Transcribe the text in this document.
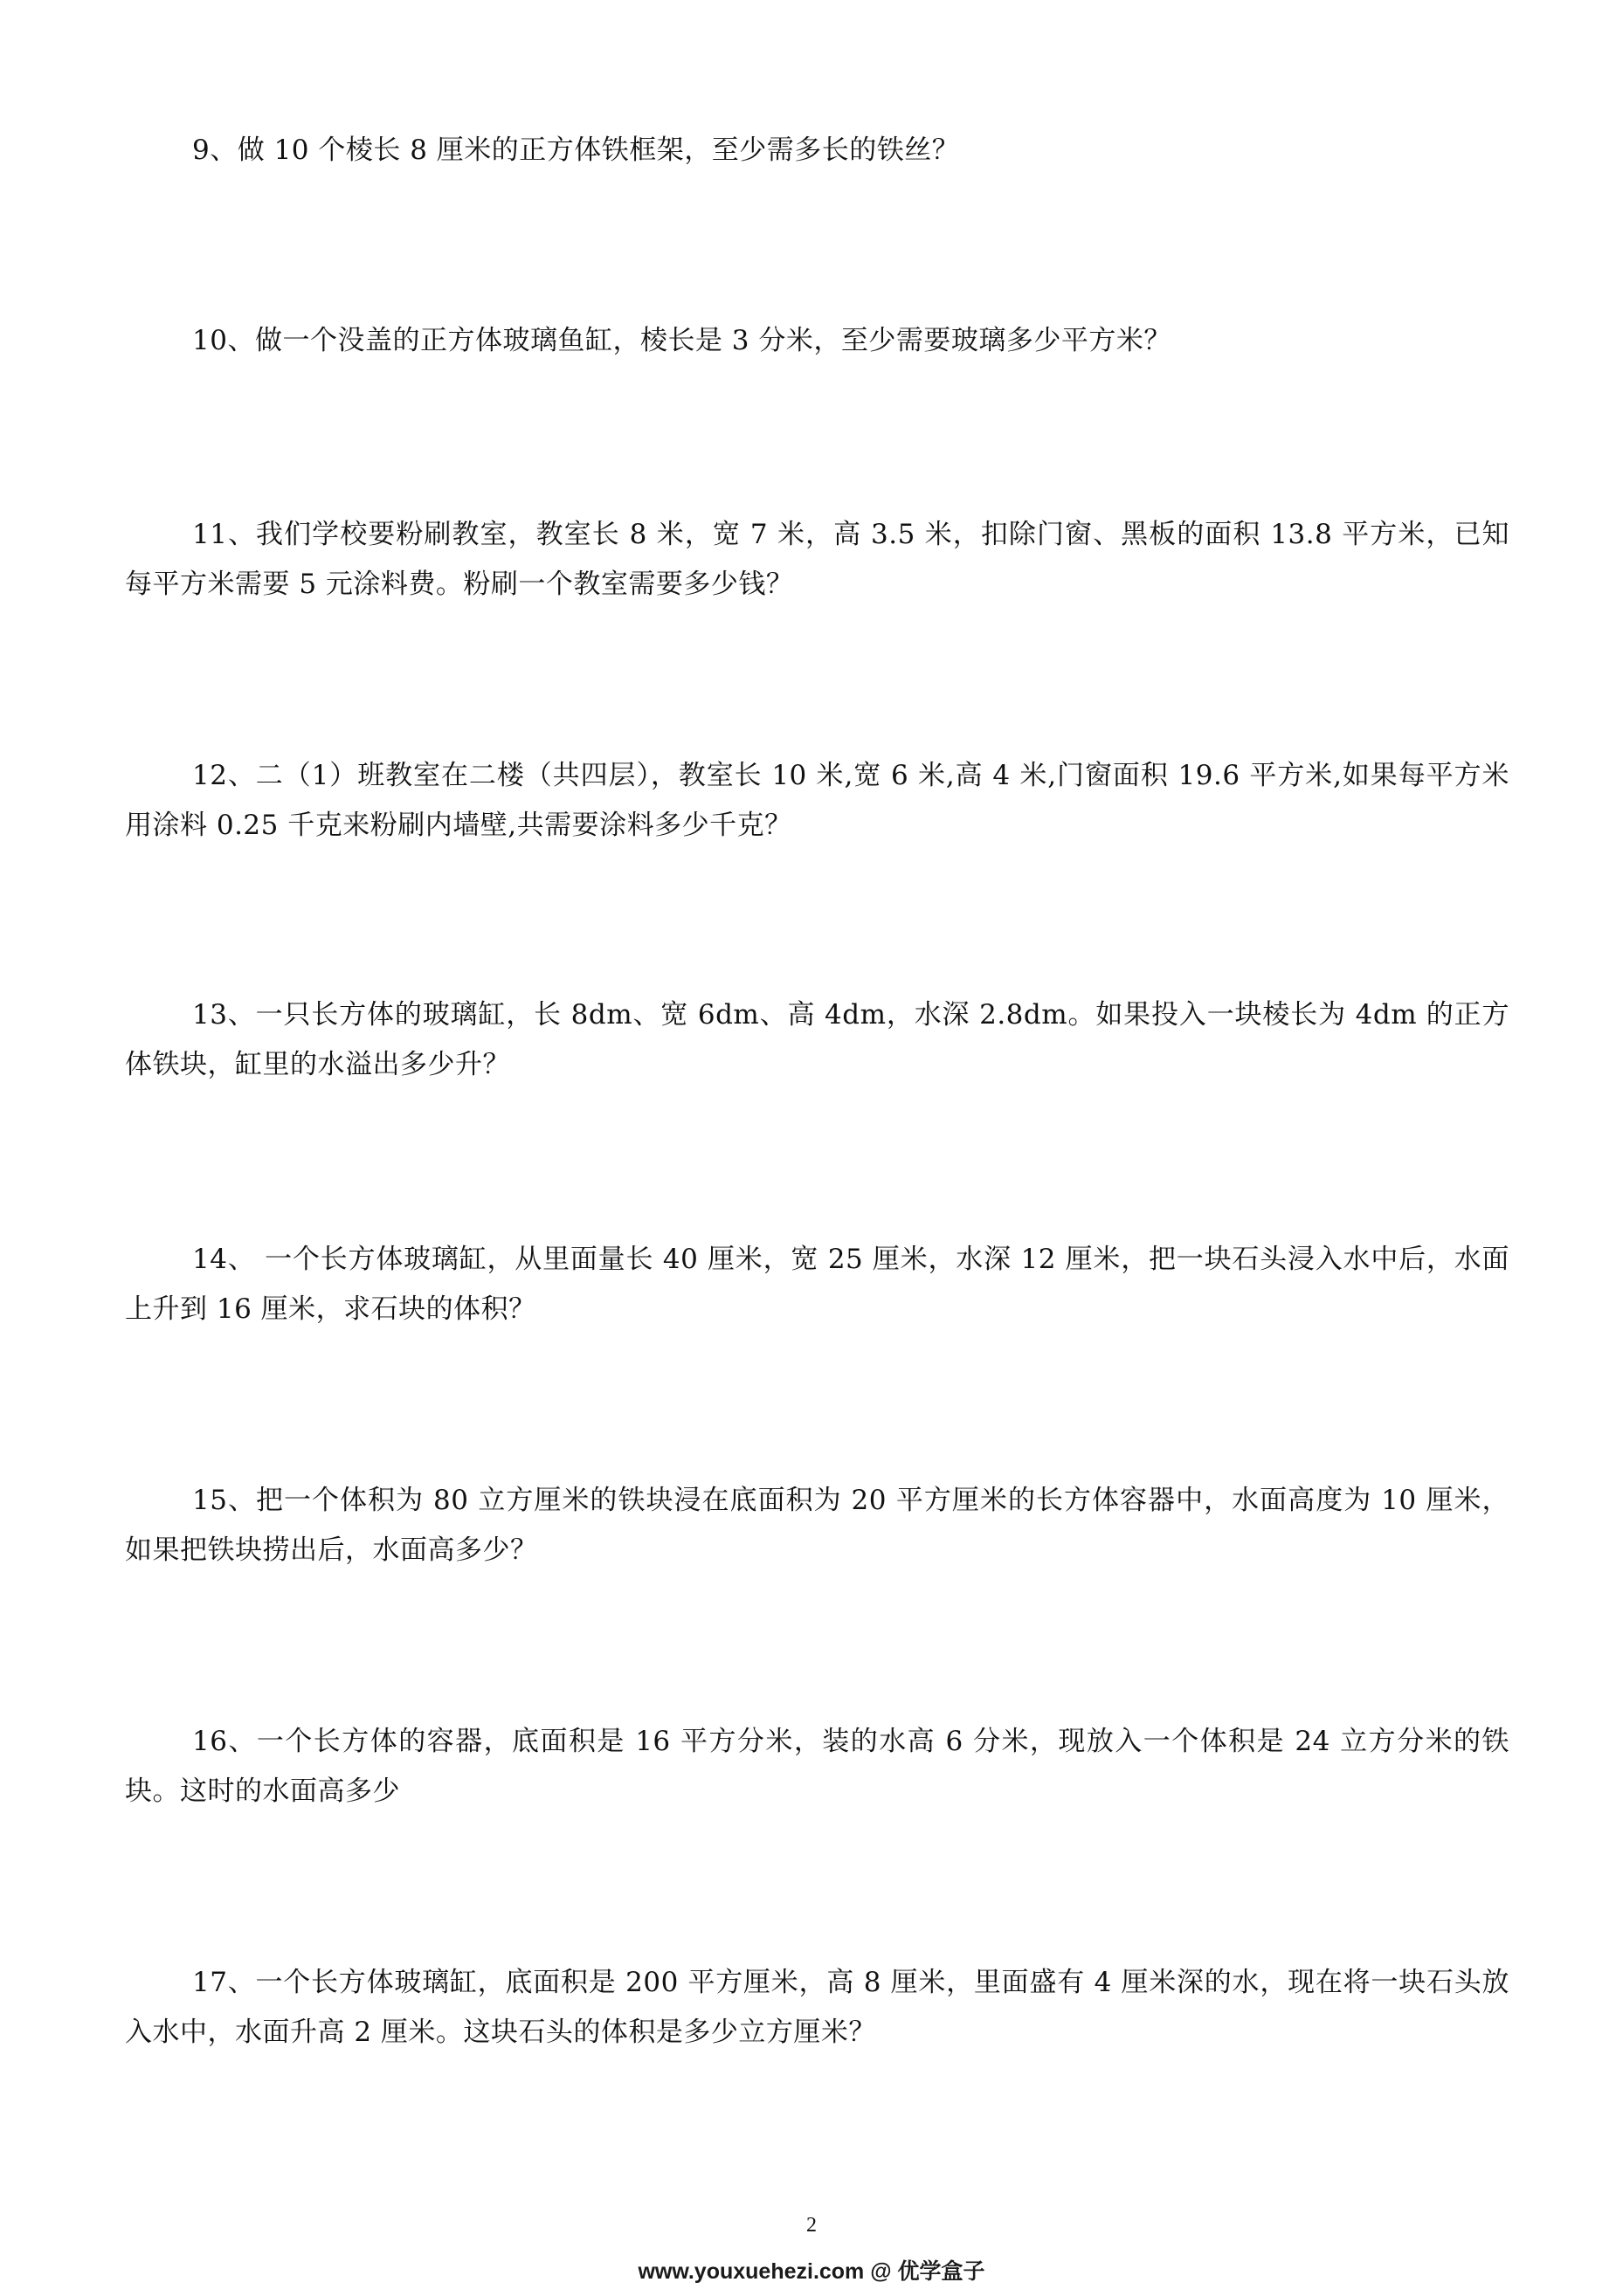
9、做 10 个棱长 8 厘米的正方体铁框架，至少需多长的铁丝？

10、做一个没盖的正方体玻璃鱼缸，棱长是 3 分米，至少需要玻璃多少平方米？

11、我们学校要粉刷教室，教室长 8 米，宽 7 米，高 3.5 米，扣除门窗、黑板的面积 13.8 平方米，已知每平方米需要 5 元涂料费。粉刷一个教室需要多少钱？

12、二（1）班教室在二楼（共四层），教室长 10 米,宽 6 米,高 4 米,门窗面积 19.6 平方米,如果每平方米用涂料 0.25 千克来粉刷内墙壁,共需要涂料多少千克？

13、一只长方体的玻璃缸，长 8dm、宽 6dm、高 4dm，水深 2.8dm。如果投入一块棱长为 4dm 的正方体铁块，缸里的水溢出多少升？

14、 一个长方体玻璃缸，从里面量长 40 厘米，宽 25 厘米，水深 12 厘米，把一块石头浸入水中后，水面上升到 16 厘米，求石块的体积？

15、把一个体积为 80 立方厘米的铁块浸在底面积为 20 平方厘米的长方体容器中，水面高度为 10 厘米，如果把铁块捞出后，水面高多少？

16、一个长方体的容器，底面积是 16 平方分米，装的水高 6 分米，现放入一个体积是 24 立方分米的铁块。这时的水面高多少

17、一个长方体玻璃缸，底面积是 200 平方厘米，高 8 厘米，里面盛有 4 厘米深的水，现在将一块石头放入水中，水面升高 2 厘米。这块石头的体积是多少立方厘米？

2
www.youxuehezi.com @ 优学盒子
